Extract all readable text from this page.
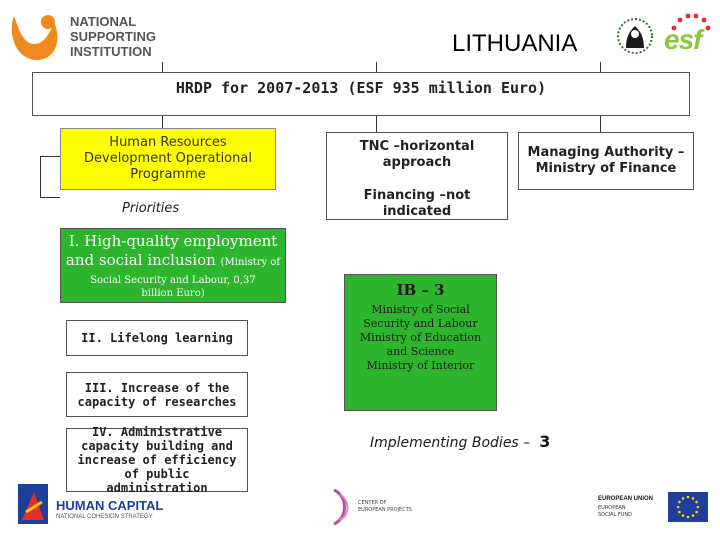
NATIONAL
SUPPORTING
INSTITUTION	LITHUANIA	esf
HRDP for 2007-2013 (ESF 935 million Euro)
Human Resources Development Operational Programme
TNC –horizontal approach
Financing –not indicated
Managing Authority – Ministry of Finance
Priorities
I. High-quality employment and social inclusion (Ministry of
Social Security and Labour, 0,37 billion Euro)
II. Lifelong learning
III. Increase of the capacity of researches
IV. Administrative capacity building and increase of efficiency of public administration
IB – 3
Ministry of Social Security and Labour
Ministry of Education and Science
Ministry of Interior
Implementing Bodies – 3
HUMAN CAPITAL
NATIONAL COHESION STRATEGY
CENTER OF
EUROPEAN PROJECTS
EUROPEAN UNION
EUROPEAN
SOCIAL FUND
